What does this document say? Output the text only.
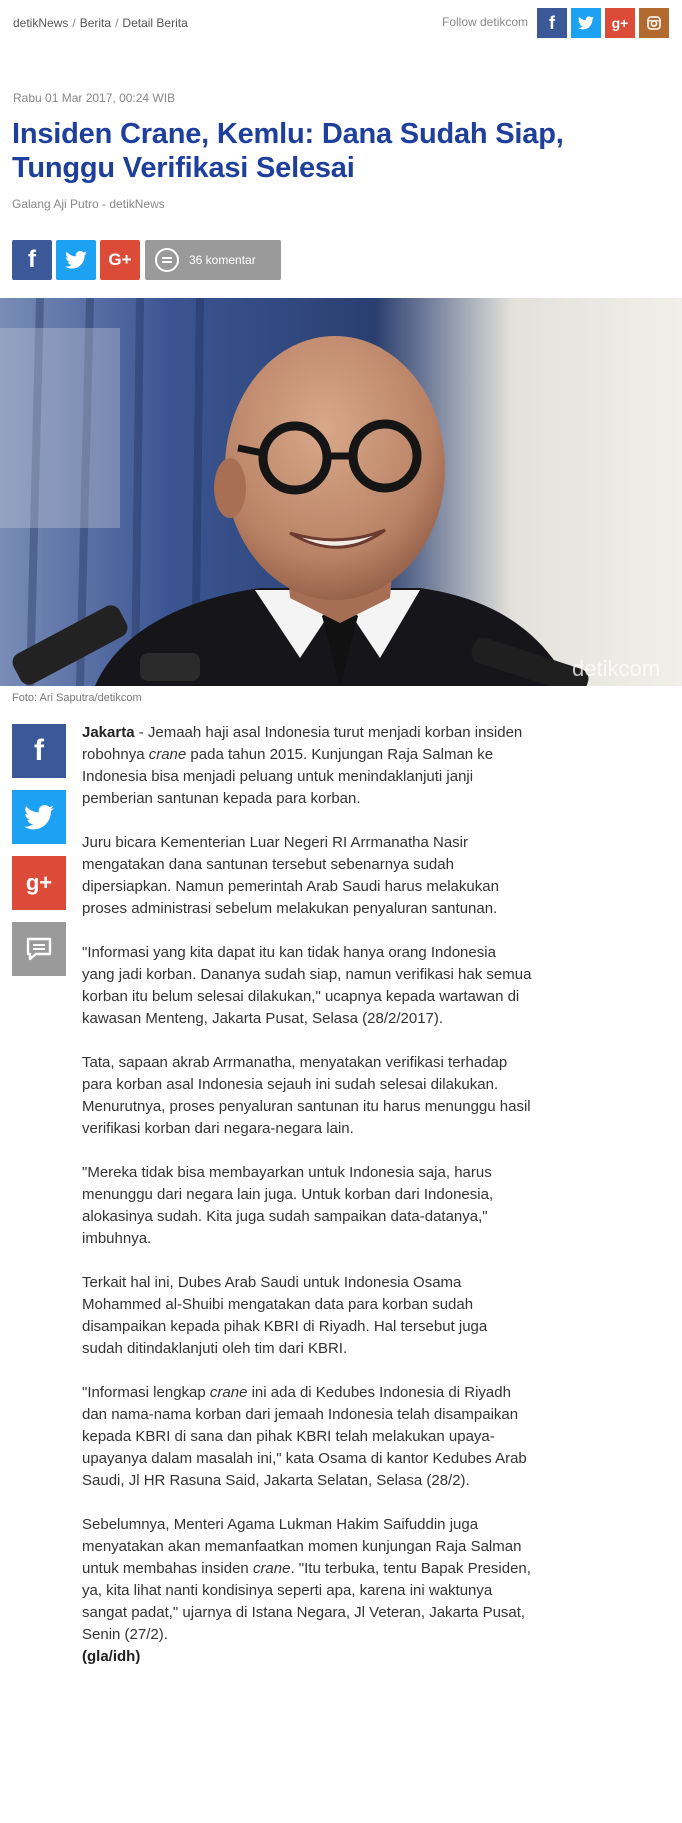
detikNews / Berita / Detail Berita	Follow detikcom f	g+
Rabu 01 Mar 2017, 00:24 WIB
Insiden Crane, Kemlu: Dana Sudah Siap, Tunggu Verifikasi Selesai
Galang Aji Putro - detikNews
f	G+	36 komentar
detikcom
Foto: Ari Saputra/detikcom
f
g+

Jakarta - Jemaah haji asal Indonesia turut menjadi korban insiden robohnya crane pada tahun 2015. Kunjungan Raja Salman ke Indonesia bisa menjadi peluang untuk menindaklanjuti janji pemberian santunan kepada para korban.

Juru bicara Kementerian Luar Negeri RI Arrmanatha Nasir mengatakan dana santunan tersebut sebenarnya sudah dipersiapkan. Namun pemerintah Arab Saudi harus melakukan proses administrasi sebelum melakukan penyaluran santunan.

"Informasi yang kita dapat itu kan tidak hanya orang Indonesia yang jadi korban. Dananya sudah siap, namun verifikasi hak semua korban itu belum selesai dilakukan," ucapnya kepada wartawan di kawasan Menteng, Jakarta Pusat, Selasa (28/2/2017).

Tata, sapaan akrab Arrmanatha, menyatakan verifikasi terhadap para korban asal Indonesia sejauh ini sudah selesai dilakukan. Menurutnya, proses penyaluran santunan itu harus menunggu hasil verifikasi korban dari negara-negara lain.

"Mereka tidak bisa membayarkan untuk Indonesia saja, harus menunggu dari negara lain juga. Untuk korban dari Indonesia, alokasinya sudah. Kita juga sudah sampaikan data-datanya," imbuhnya.

Terkait hal ini, Dubes Arab Saudi untuk Indonesia Osama Mohammed al-Shuibi mengatakan data para korban sudah disampaikan kepada pihak KBRI di Riyadh. Hal tersebut juga sudah ditindaklanjuti oleh tim dari KBRI.

"Informasi lengkap crane ini ada di Kedubes Indonesia di Riyadh dan nama-nama korban dari jemaah Indonesia telah disampaikan kepada KBRI di sana dan pihak KBRI telah melakukan upaya-upayanya dalam masalah ini," kata Osama di kantor Kedubes Arab Saudi, Jl HR Rasuna Said, Jakarta Selatan, Selasa (28/2).

Sebelumnya, Menteri Agama Lukman Hakim Saifuddin juga menyatakan akan memanfaatkan momen kunjungan Raja Salman untuk membahas insiden crane. "Itu terbuka, tentu Bapak Presiden, ya, kita lihat nanti kondisinya seperti apa, karena ini waktunya sangat padat," ujarnya di Istana Negara, Jl Veteran, Jakarta Pusat, Senin (27/2).

(gla/idh)
